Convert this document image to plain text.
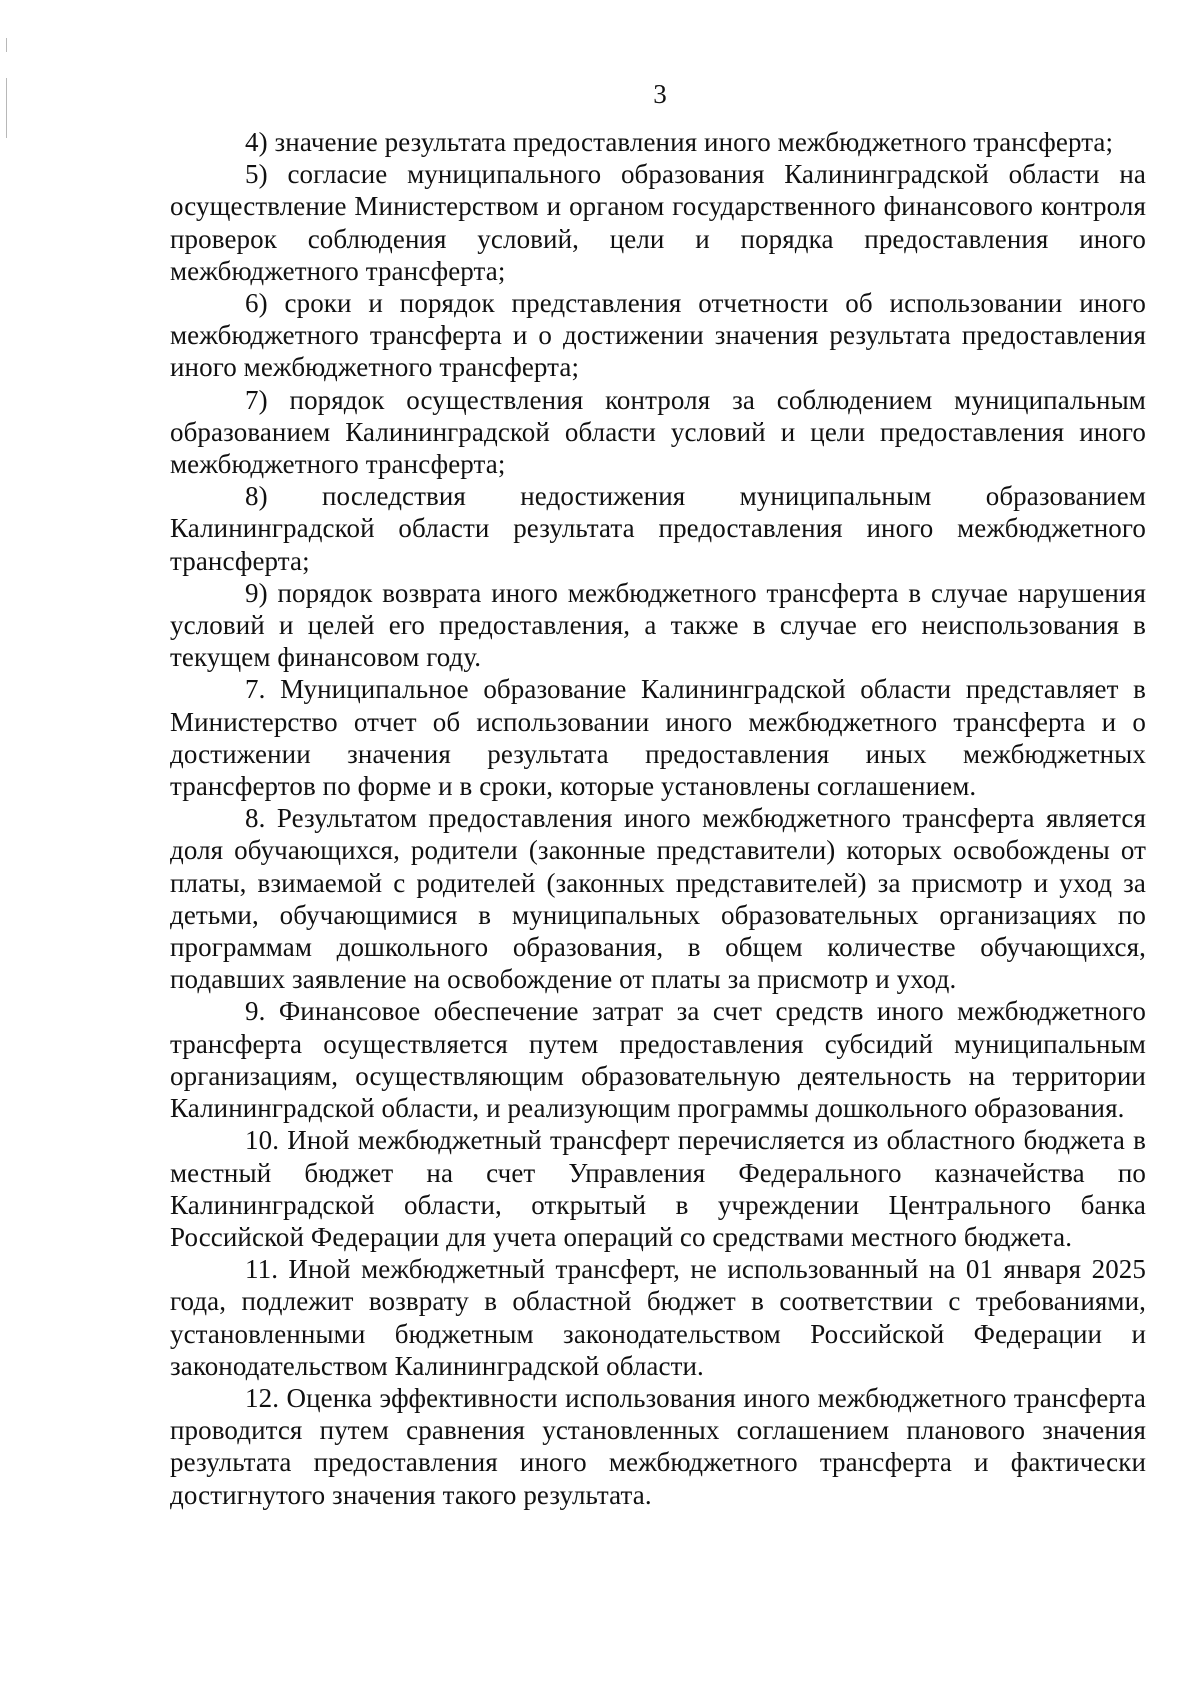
3

4) значение результата предоставления иного межбюджетного трансферта;

5) согласие муниципального образования Калининградской области на осуществление Министерством и органом государственного финансового контроля проверок соблюдения условий, цели и порядка предоставления иного межбюджетного трансферта;

6) сроки и порядок представления отчетности об использовании иного межбюджетного трансферта и о достижении значения результата предоставления иного межбюджетного трансферта;

7) порядок осуществления контроля за соблюдением муниципальным образованием Калининградской области условий и цели предоставления иного межбюджетного трансферта;

8) последствия недостижения муниципальным образованием Калининградской области результата предоставления иного межбюджетного трансферта;

9) порядок возврата иного межбюджетного трансферта в случае нарушения условий и целей его предоставления, а также в случае его неиспользования в текущем финансовом году.

7. Муниципальное образование Калининградской области представляет в Министерство отчет об использовании иного межбюджетного трансферта и о достижении значения результата предоставления иных межбюджетных трансфертов по форме и в сроки, которые установлены соглашением.

8. Результатом предоставления иного межбюджетного трансферта является доля обучающихся, родители (законные представители) которых освобождены от платы, взимаемой с родителей (законных представителей) за присмотр и уход за детьми, обучающимися в муниципальных образовательных организациях по программам дошкольного образования, в общем количестве обучающихся, подавших заявление на освобождение от платы за присмотр и уход.

9. Финансовое обеспечение затрат за счет средств иного межбюджетного трансферта осуществляется путем предоставления субсидий муниципальным организациям, осуществляющим образовательную деятельность на территории Калининградской области, и реализующим программы дошкольного образования.

10. Иной межбюджетный трансферт перечисляется из областного бюджета в местный бюджет на счет Управления Федерального казначейства по Калининградской области, открытый в учреждении Центрального банка Российской Федерации для учета операций со средствами местного бюджета.

11. Иной межбюджетный трансферт, не использованный на 01 января 2025 года, подлежит возврату в областной бюджет в соответствии с требованиями, установленными бюджетным законодательством Российской Федерации и законодательством Калининградской области.

12. Оценка эффективности использования иного межбюджетного трансферта проводится путем сравнения установленных соглашением планового значения результата предоставления иного межбюджетного трансферта и фактически достигнутого значения такого результата.
